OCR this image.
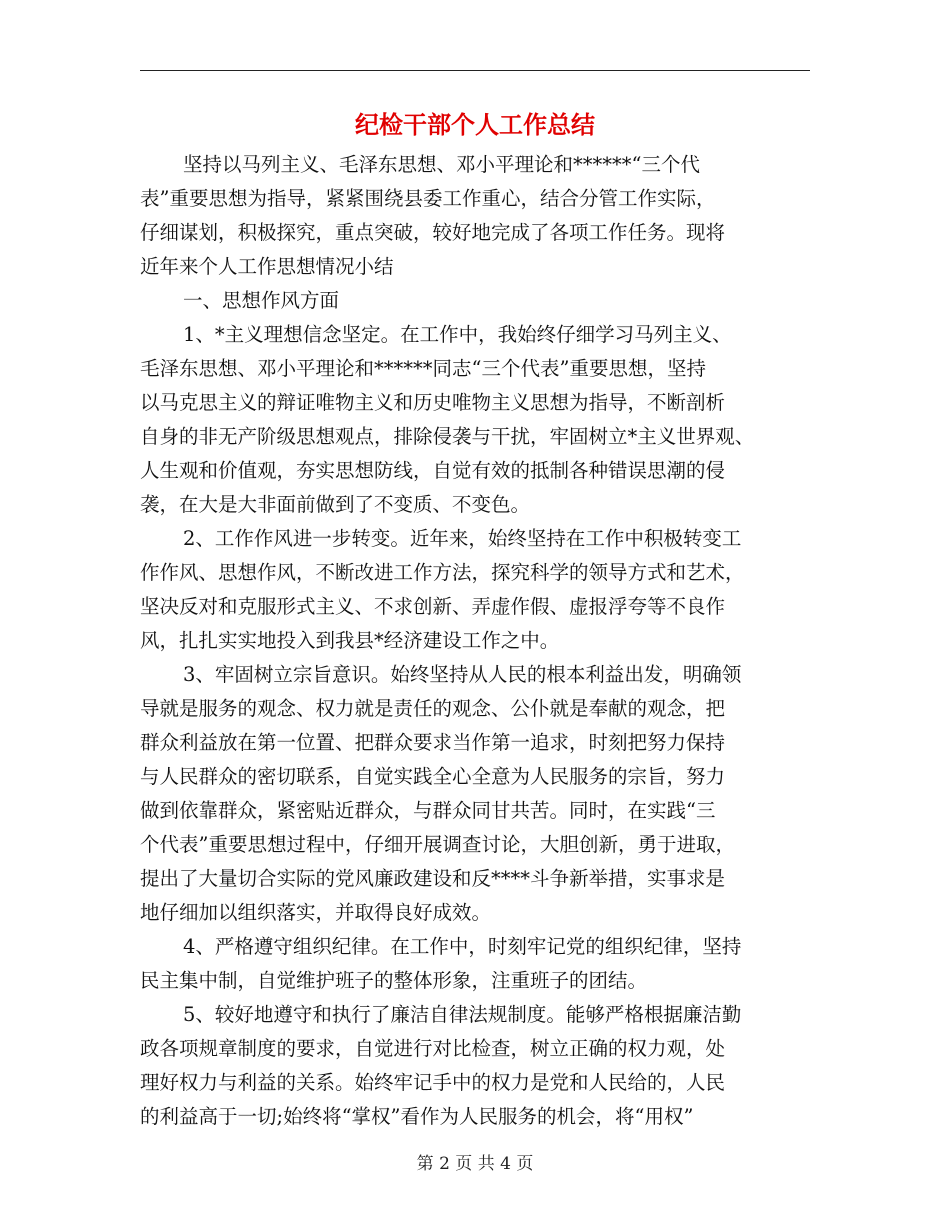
纪检干部个人工作总结
坚持以马列主义、毛泽东思想、邓小平理论和******“三个代
表”重要思想为指导，紧紧围绕县委工作重心，结合分管工作实际，
仔细谋划，积极探究，重点突破，较好地完成了各项工作任务。现将
近年来个人工作思想情况小结
一、思想作风方面
1、*主义理想信念坚定。在工作中，我始终仔细学习马列主义、
毛泽东思想、邓小平理论和******同志“三个代表”重要思想，坚持
以马克思主义的辩证唯物主义和历史唯物主义思想为指导，不断剖析
自身的非无产阶级思想观点，排除侵袭与干扰，牢固树立*主义世界观、
人生观和价值观，夯实思想防线，自觉有效的抵制各种错误思潮的侵
袭，在大是大非面前做到了不变质、不变色。
2、工作作风进一步转变。近年来，始终坚持在工作中积极转变工
作作风、思想作风，不断改进工作方法，探究科学的领导方式和艺术，
坚决反对和克服形式主义、不求创新、弄虚作假、虚报浮夸等不良作
风，扎扎实实地投入到我县*经济建设工作之中。
3、牢固树立宗旨意识。始终坚持从人民的根本利益出发，明确领
导就是服务的观念、权力就是责任的观念、公仆就是奉献的观念，把
群众利益放在第一位置、把群众要求当作第一追求，时刻把努力保持
与人民群众的密切联系，自觉实践全心全意为人民服务的宗旨，努力
做到依靠群众，紧密贴近群众，与群众同甘共苦。同时，在实践“三
个代表”重要思想过程中，仔细开展调查讨论，大胆创新，勇于进取，
提出了大量切合实际的党风廉政建设和反****斗争新举措，实事求是
地仔细加以组织落实，并取得良好成效。
4、严格遵守组织纪律。在工作中，时刻牢记党的组织纪律，坚持
民主集中制，自觉维护班子的整体形象，注重班子的团结。
5、较好地遵守和执行了廉洁自律法规制度。能够严格根据廉洁勤
政各项规章制度的要求，自觉进行对比检查，树立正确的权力观，处
理好权力与利益的关系。始终牢记手中的权力是党和人民给的，人民
的利益高于一切;始终将“掌权”看作为人民服务的机会，将“用权”
第 2 页 共 4 页
